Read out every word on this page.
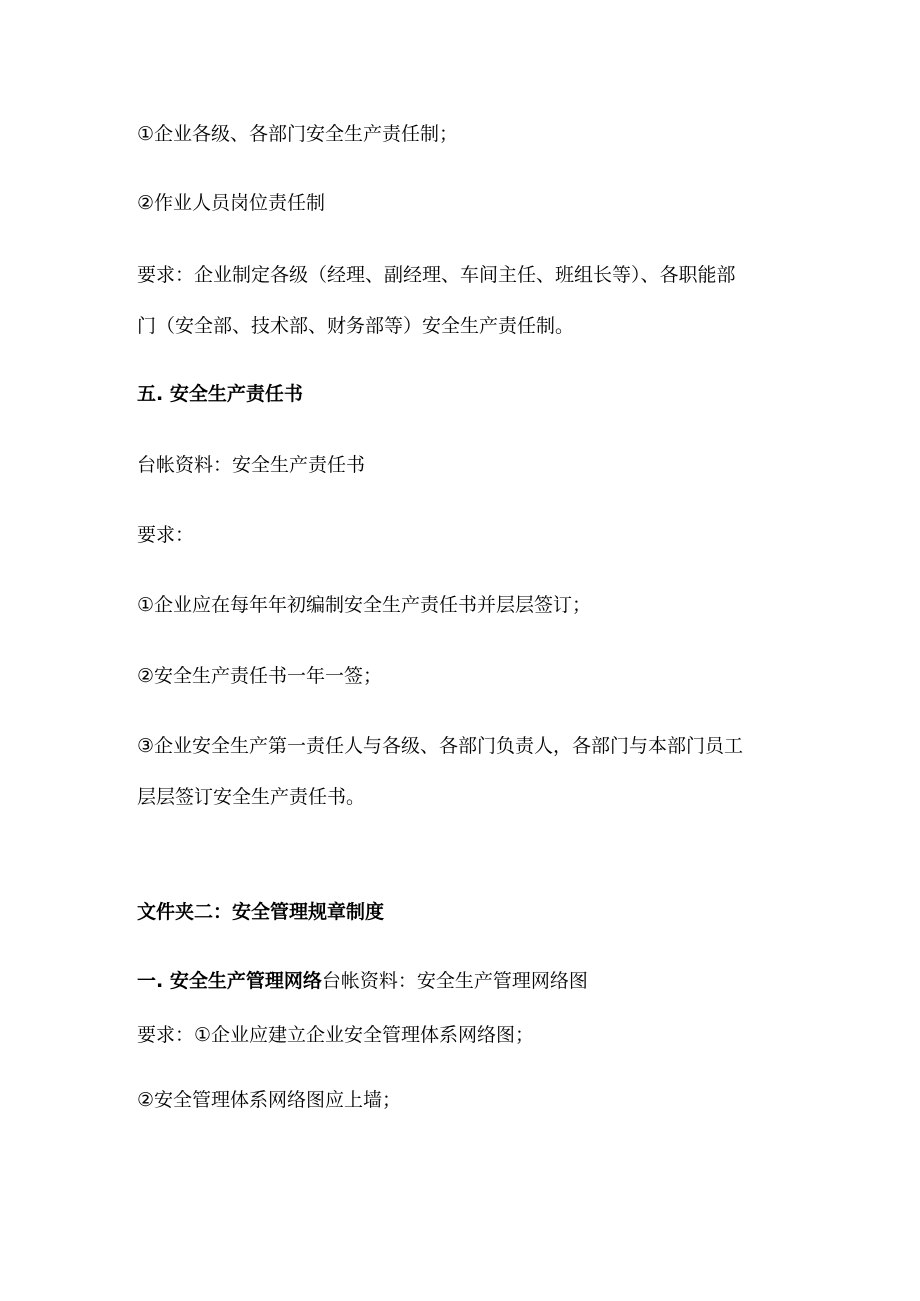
①企业各级、各部门安全生产责任制；
②作业人员岗位责任制
要求：企业制定各级（经理、副经理、车间主任、班组长等）、各职能部
门（安全部、技术部、财务部等）安全生产责任制。
五. 安全生产责任书
台帐资料：安全生产责任书
要求：
①企业应在每年年初编制安全生产责任书并层层签订；
②安全生产责任书一年一签；
③企业安全生产第一责任人与各级、各部门负责人，各部门与本部门员工
层层签订安全生产责任书。
文件夹二：安全管理规章制度
一. 安全生产管理网络台帐资料：安全生产管理网络图
要求：①企业应建立企业安全管理体系网络图；
②安全管理体系网络图应上墙；
